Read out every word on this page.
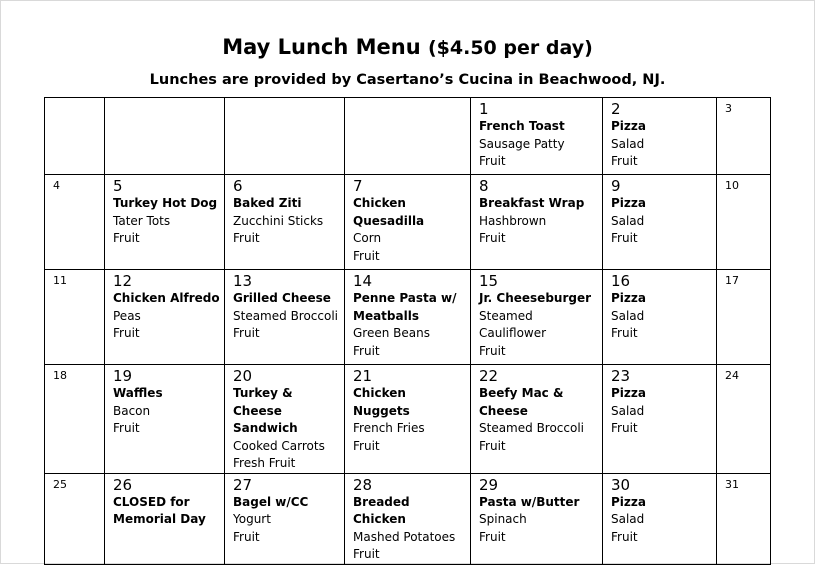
May Lunch Menu ($4.50 per day)
Lunches are provided by Casertano’s Cucina in Beachwood, NJ.

				1
French Toast
Sausage Patty
Fruit	2
Pizza
Salad
Fruit	3

4	5
Turkey Hot Dog
Tater Tots
Fruit	6
Baked Ziti
Zucchini Sticks
Fruit	7
Chicken Quesadilla
Corn
Fruit	8
Breakfast Wrap
Hashbrown
Fruit	9
Pizza
Salad
Fruit	10

11	12
Chicken Alfredo
Peas
Fruit	13
Grilled Cheese
Steamed Broccoli
Fruit	14
Penne Pasta w/ Meatballs
Green Beans
Fruit	15
Jr. Cheeseburger
Steamed Cauliflower
Fruit	16
Pizza
Salad
Fruit	17

18	19
Waffles
Bacon
Fruit	20
Turkey & Cheese Sandwich
Cooked Carrots
Fresh Fruit	21
Chicken Nuggets
French Fries
Fruit	22
Beefy Mac & Cheese
Steamed Broccoli
Fruit	23
Pizza
Salad
Fruit	24

25	26
CLOSED for Memorial Day	27
Bagel w/CC
Yogurt
Fruit	28
Breaded Chicken
Mashed Potatoes
Fruit	29
Pasta w/Butter
Spinach
Fruit	30
Pizza
Salad
Fruit	31
